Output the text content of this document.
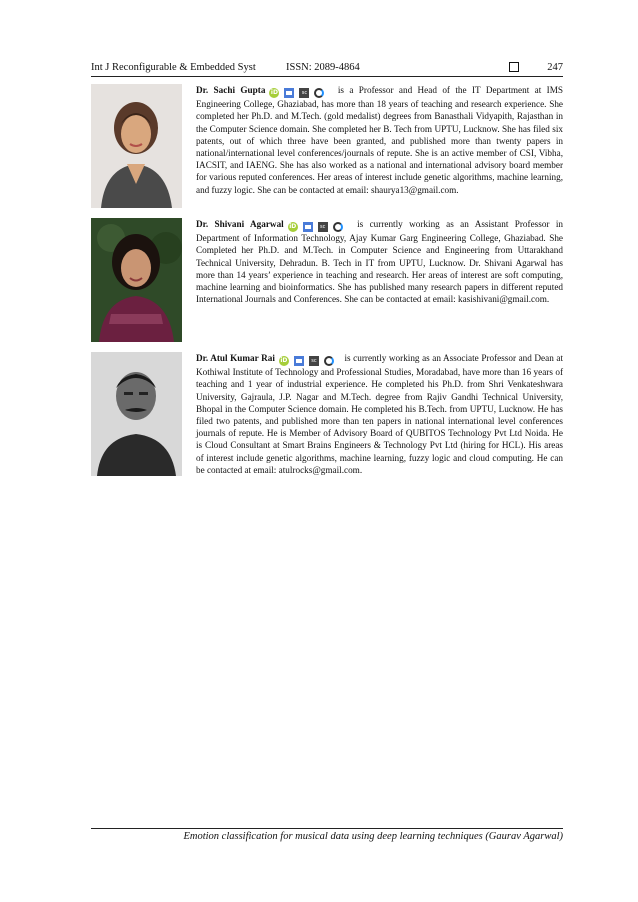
Int J Reconfigurable & Embedded Syst	ISSN: 2089-4864	247
Dr. Sachi Gupta iD	sc	is a Professor and Head of the IT Department at IMS Engineering College, Ghaziabad, has more than 18 years of teaching and research experience. She completed her Ph.D. and M.Tech. (gold medalist) degrees from Banasthali Vidyapith, Rajasthan in the Computer Science domain. She completed her B. Tech from UPTU, Lucknow. She has filed six patents, out of which three have been granted, and published more than twenty papers in national/international level conferences/journals of repute. She is an active member of CSI, Vibha, IACSIT, and IAENG. She has also worked as a national and international advisory board member for various reputed conferences. Her areas of interest include genetic algorithms, machine learning, and fuzzy logic. She can be contacted at email: shaurya13@gmail.com.
Dr. Shivani Agarwal iD	sc	is currently working as an Assistant Professor in Department of Information Technology, Ajay Kumar Garg Engineering College, Ghaziabad. She Completed her Ph.D. and M.Tech. in Computer Science and Engineering from Uttarakhand Technical University, Dehradun. B. Tech in IT from UPTU, Lucknow. Dr. Shivani Agarwal has more than 14 years’ experience in teaching and research. Her areas of interest are soft computing, machine learning and bioinformatics. She has published many research papers in different reputed International Journals and Conferences. She can be contacted at email: kasishivani@gmail.com.
Dr. Atul Kumar Rai iD	sc	is currently working as an Associate Professor and Dean at Kothiwal Institute of Technology and Professional Studies, Moradabad, have more than 16 years of teaching and 1 year of industrial experience. He completed his Ph.D. from Shri Venkateshwara University, Gajraula, J.P. Nagar and M.Tech. degree from Rajiv Gandhi Technical University, Bhopal in the Computer Science domain. He completed his B.Tech. from UPTU, Lucknow. He has filed two patents, and published more than ten papers in national international level conferences journals of repute. He is Member of Advisory Board of QUBITOS Technology Pvt Ltd Noida. He is Cloud Consultant at Smart Brains Engineers & Technology Pvt Ltd (hiring for HCL). His areas of interest include genetic algorithms, machine learning, fuzzy logic and cloud computing. He can be contacted at email: atulrocks@gmail.com.
Emotion classification for musical data using deep learning techniques (Gaurav Agarwal)
